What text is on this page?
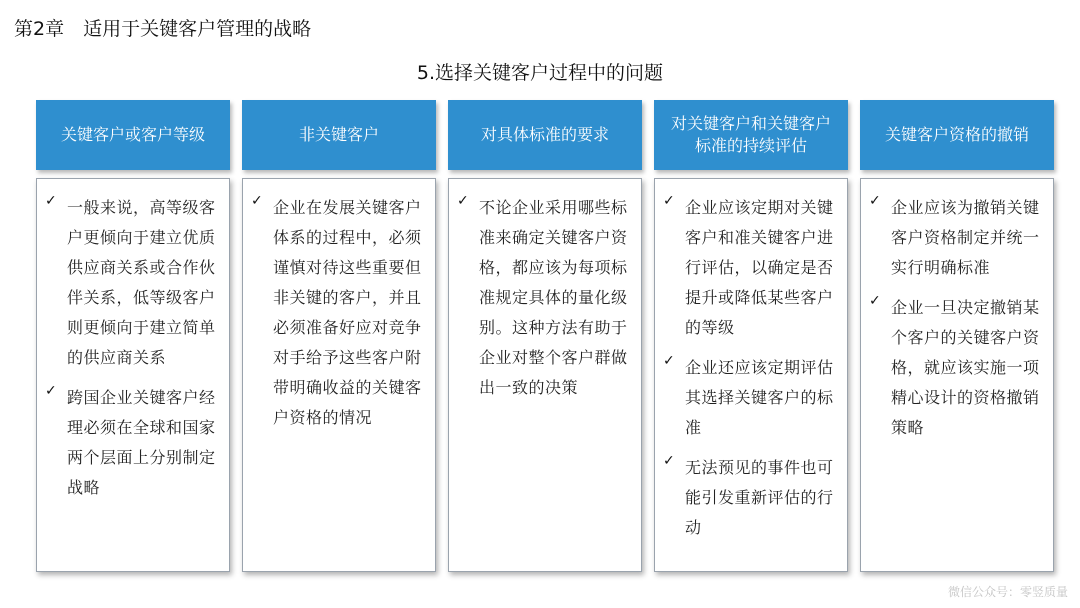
第2章　适用于关键客户管理的战略
5.选择关键客户过程中的问题
关键客户或客户等级
✓ 一般来说，高等级客户更倾向于建立优质供应商关系或合作伙伴关系，低等级客户则更倾向于建立简单的供应商关系
✓ 跨国企业关键客户经理必须在全球和国家两个层面上分别制定战略
非关键客户
✓ 企业在发展关键客户体系的过程中，必须谨慎对待这些重要但非关键的客户，并且必须准备好应对竞争对手给予这些客户附带明确收益的关键客户资格的情况
对具体标准的要求
✓ 不论企业采用哪些标准来确定关键客户资格，都应该为每项标准规定具体的量化级别。这种方法有助于企业对整个客户群做出一致的决策
对关键客户和关键客户
标准的持续评估
✓ 企业应该定期对关键客户和准关键客户进行评估，以确定是否提升或降低某些客户的等级
✓ 企业还应该定期评估其选择关键客户的标准
✓ 无法预见的事件也可能引发重新评估的行动
关键客户资格的撤销
✓ 企业应该为撤销关键客户资格制定并统一实行明确标准
✓ 企业一旦决定撤销某个客户的关键客户资格，就应该实施一项精心设计的资格撤销策略
微信公众号：零竖质量
